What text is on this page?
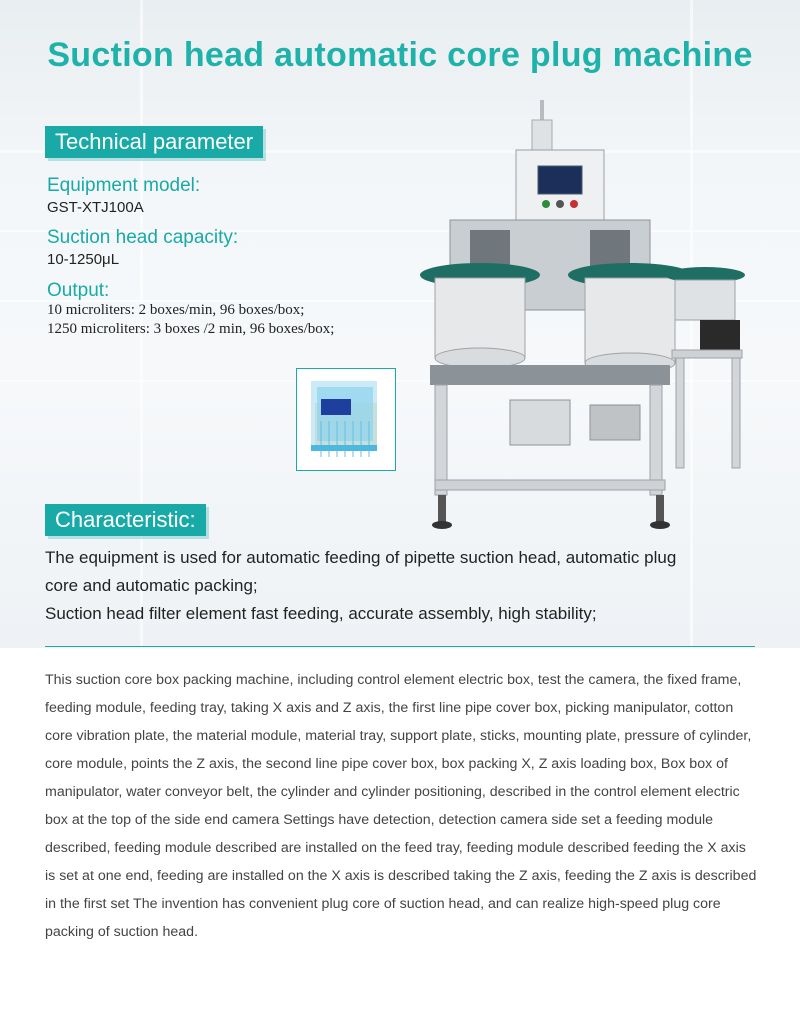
Suction head automatic core plug machine
Technical parameter
Equipment model:
GST-XTJ100A
Suction head capacity:
10-1250μL
Output:
10 microliters: 2 boxes/min, 96 boxes/box;
1250 microliters: 3 boxes /2 min, 96 boxes/box;
Characteristic:
The equipment is used for automatic feeding of pipette suction head, automatic plug
core and automatic packing;
Suction head filter element fast feeding, accurate assembly, high stability;
This suction core box packing machine, including control element electric box, test the camera, the fixed frame, feeding module, feeding tray, taking X axis and Z axis, the first line pipe cover box, picking manipulator, cotton core vibration plate, the material module, material tray, support plate, sticks, mounting plate, pressure of cylinder, core module, points the Z axis, the second line pipe cover box, box packing X, Z axis loading box, Box box of manipulator, water conveyor belt, the cylinder and cylinder positioning, described in the control element electric box at the top of the side end camera Settings have detection, detection camera side set a feeding module described, feeding module described are installed on the feed tray, feeding module described feeding the X axis is set at one end, feeding are installed on the X axis is described taking the Z axis, feeding the Z axis is described in the first set The invention has convenient plug core of suction head, and can realize high-speed plug core packing of suction head.
